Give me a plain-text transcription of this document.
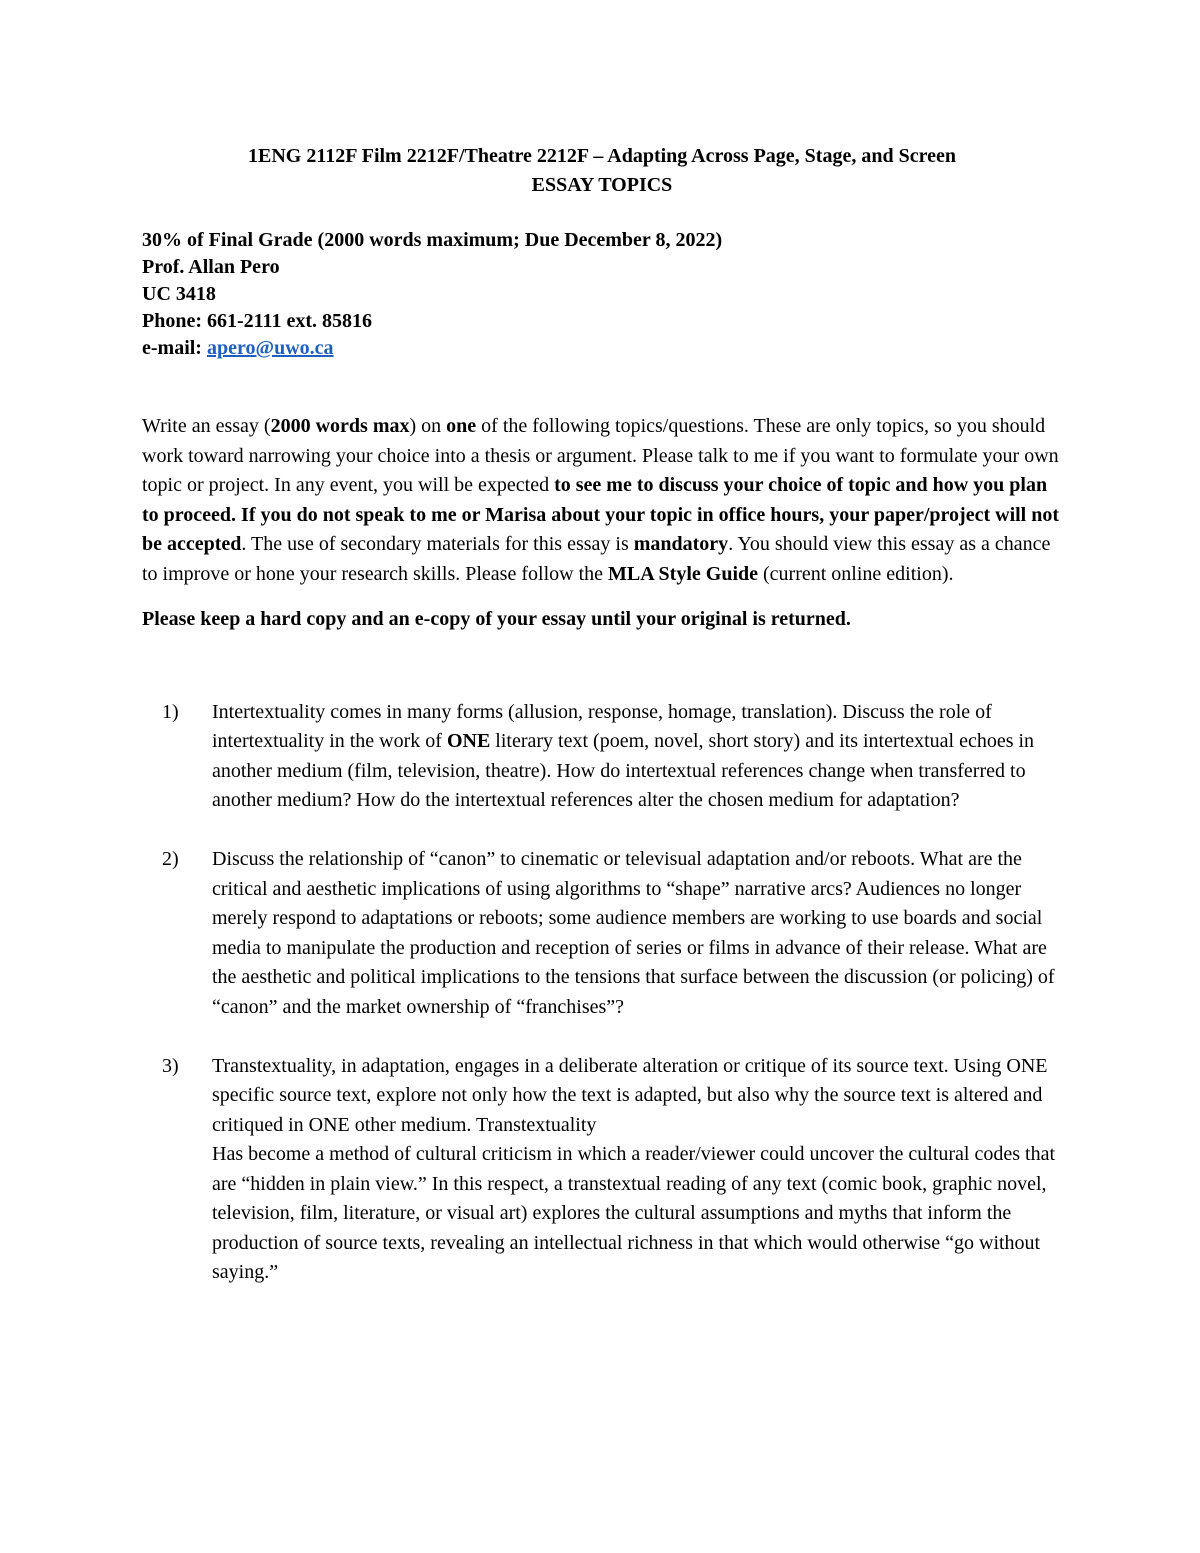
1ENG 2112F Film 2212F/Theatre 2212F – Adapting Across Page, Stage, and Screen

ESSAY TOPICS

30% of Final Grade (2000 words maximum; Due December 8, 2022)
Prof. Allan Pero
UC 3418
Phone: 661-2111 ext. 85816
e-mail: apero@uwo.ca

Write an essay (2000 words max) on one of the following topics/questions. These are only topics, so you should work toward narrowing your choice into a thesis or argument. Please talk to me if you want to formulate your own topic or project. In any event, you will be expected to see me to discuss your choice of topic and how you plan to proceed. If you do not speak to me or Marisa about your topic in office hours, your paper/project will not be accepted. The use of secondary materials for this essay is mandatory. You should view this essay as a chance to improve or hone your research skills. Please follow the MLA Style Guide (current online edition).

Please keep a hard copy and an e-copy of your essay until your original is returned.

1)	Intertextuality comes in many forms (allusion, response, homage, translation). Discuss the role of intertextuality in the work of ONE literary text (poem, novel, short story) and its intertextual echoes in another medium (film, television, theatre). How do intertextual references change when transferred to another medium? How do the intertextual references alter the chosen medium for adaptation?
2)	Discuss the relationship of “canon” to cinematic or televisual adaptation and/or reboots. What are the critical and aesthetic implications of using algorithms to “shape” narrative arcs? Audiences no longer merely respond to adaptations or reboots; some audience members are working to use boards and social media to manipulate the production and reception of series or films in advance of their release. What are the aesthetic and political implications to the tensions that surface between the discussion (or policing) of “canon” and the market ownership of “franchises”?
3)	Transtextuality, in adaptation, engages in a deliberate alteration or critique of its source text. Using ONE specific source text, explore not only how the text is adapted, but also why the source text is altered and critiqued in ONE other medium. Transtextuality
Has become a method of cultural criticism in which a reader/viewer could uncover the cultural codes that are “hidden in plain view.” In this respect, a transtextual reading of any text (comic book, graphic novel, television, film, literature, or visual art) explores the cultural assumptions and myths that inform the production of source texts, revealing an intellectual richness in that which would otherwise “go without saying.”
